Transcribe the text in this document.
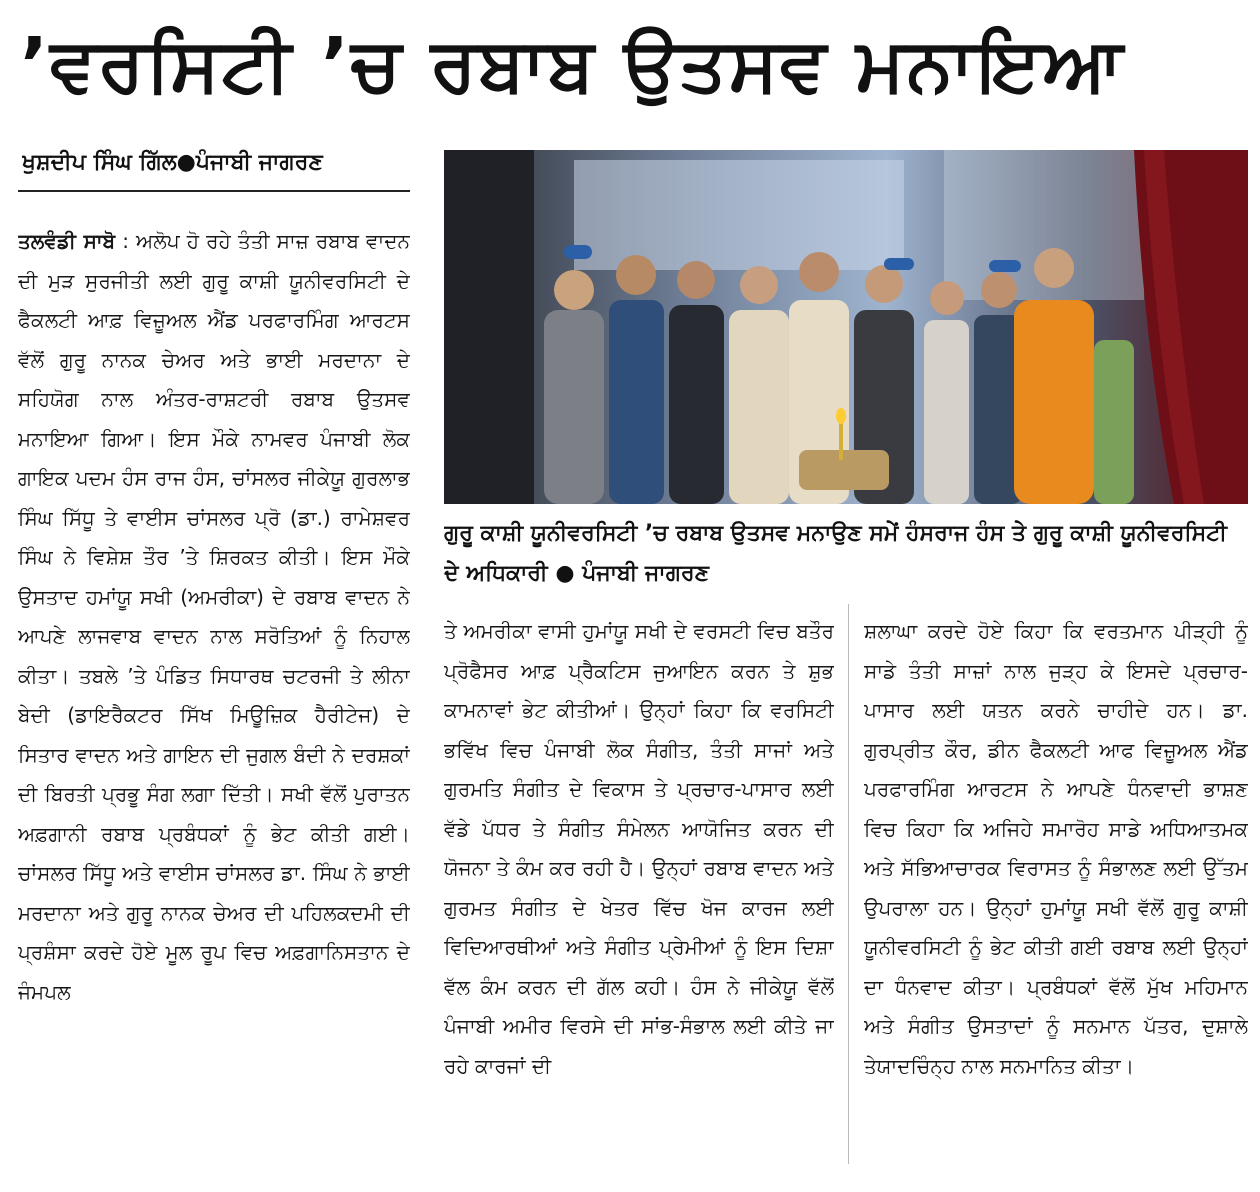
’ਵਰਸਿਟੀ ’ਚ ਰਬਾਬ ਉਤਸਵ ਮਨਾਇਆ
ਖੁਸ਼ਦੀਪ ਸਿੰਘ ਗਿੱਲ●ਪੰਜਾਬੀ ਜਾਗਰਣ
ਤਲਵੰਡੀ ਸਾਬੋ : ਅਲੋਪ ਹੋ ਰਹੇ ਤੰਤੀ ਸਾਜ਼ ਰਬਾਬ ਵਾਦਨ ਦੀ ਮੁੜ ਸੁਰਜੀਤੀ ਲਈ ਗੁਰੂ ਕਾਸ਼ੀ ਯੂਨੀਵਰਸਿਟੀ ਦੇ ਫੈਕਲਟੀ ਆਫ਼ ਵਿਜ਼ੂਅਲ ਐਂਡ ਪਰਫਾਰਮਿੰਗ ਆਰਟਸ ਵੱਲੋਂ ਗੁਰੂ ਨਾਨਕ ਚੇਅਰ ਅਤੇ ਭਾਈ ਮਰਦਾਨਾ ਦੇ ਸਹਿਯੋਗ ਨਾਲ ਅੰਤਰ-ਰਾਸ਼ਟਰੀ ਰਬਾਬ ਉਤਸਵ ਮਨਾਇਆ ਗਿਆ। ਇਸ ਮੌਕੇ ਨਾਮਵਰ ਪੰਜਾਬੀ ਲੋਕ ਗਾਇਕ ਪਦਮ ਹੰਸ ਰਾਜ ਹੰਸ, ਚਾਂਸਲਰ ਜੀਕੇਯੂ ਗੁਰਲਾਭ ਸਿੰਘ ਸਿੱਧੂ ਤੇ ਵਾਈਸ ਚਾਂਸਲਰ ਪ੍ਰੋ (ਡਾ.) ਰਾਮੇਸ਼ਵਰ ਸਿੰਘ ਨੇ ਵਿਸ਼ੇਸ਼ ਤੌਰ ’ਤੇ ਸ਼ਿਰਕਤ ਕੀਤੀ। ਇਸ ਮੌਕੇ ਉਸਤਾਦ ਹਮਾਂਯੂ ਸਖੀ (ਅਮਰੀਕਾ) ਦੇ ਰਬਾਬ ਵਾਦਨ ਨੇ ਆਪਣੇ ਲਾਜਵਾਬ ਵਾਦਨ ਨਾਲ ਸਰੋਤਿਆਂ ਨੂੰ ਨਿਹਾਲ ਕੀਤਾ। ਤਬਲੇ ’ਤੇ ਪੰਡਿਤ ਸਿਧਾਰਥ ਚਟਰਜੀ ਤੇ ਲੀਨਾ ਬੇਦੀ (ਡਾਇਰੈਕਟਰ ਸਿੱਖ ਮਿਊਜ਼ਿਕ ਹੈਰੀਟੇਜ) ਦੇ ਸਿਤਾਰ ਵਾਦਨ ਅਤੇ ਗਾਇਨ ਦੀ ਜੁਗਲ ਬੰਦੀ ਨੇ ਦਰਸ਼ਕਾਂ ਦੀ ਬਿਰਤੀ ਪ੍ਰਭੂ ਸੰਗ ਲਗਾ ਦਿੱਤੀ। ਸਖੀ ਵੱਲੋਂ ਪੁਰਾਤਨ ਅਫ਼ਗਾਨੀ ਰਬਾਬ ਪ੍ਰਬੰਧਕਾਂ ਨੂੰ ਭੇਟ ਕੀਤੀ ਗਈ। ਚਾਂਸਲਰ ਸਿੱਧੂ ਅਤੇ ਵਾਈਸ ਚਾਂਸਲਰ ਡਾ. ਸਿੰਘ ਨੇ ਭਾਈ ਮਰਦਾਨਾ ਅਤੇ ਗੁਰੂ ਨਾਨਕ ਚੇਅਰ ਦੀ ਪਹਿਲਕਦਮੀ ਦੀ ਪ੍ਰਸ਼ੰਸਾ ਕਰਦੇ ਹੋਏ ਮੂਲ ਰੂਪ ਵਿਚ ਅਫ਼ਗਾਨਿਸਤਾਨ ਦੇ ਜੰਮਪਲ
ਗੁਰੂ ਕਾਸ਼ੀ ਯੂਨੀਵਰਸਿਟੀ ’ਚ ਰਬਾਬ ਉਤਸਵ ਮਨਾਉਣ ਸਮੇਂ ਹੰਸਰਾਜ ਹੰਸ ਤੇ ਗੁਰੂ ਕਾਸ਼ੀ ਯੂਨੀਵਰਸਿਟੀ ਦੇ ਅਧਿਕਾਰੀ ● ਪੰਜਾਬੀ ਜਾਗਰਣ
ਤੇ ਅਮਰੀਕਾ ਵਾਸੀ ਹੁਮਾਂਯੂ ਸਖੀ ਦੇ ਵਰਸਟੀ ਵਿਚ ਬਤੌਰ ਪ੍ਰੋਫੈਸਰ ਆਫ਼ ਪ੍ਰੈਕਟਿਸ ਜੁਆਇਨ ਕਰਨ ਤੇ ਸ਼ੁਭ ਕਾਮਨਾਵਾਂ ਭੇਟ ਕੀਤੀਆਂ। ਉਨ੍ਹਾਂ ਕਿਹਾ ਕਿ ਵਰਸਿਟੀ ਭਵਿੱਖ ਵਿਚ ਪੰਜਾਬੀ ਲੋਕ ਸੰਗੀਤ, ਤੰਤੀ ਸਾਜਾਂ ਅਤੇ ਗੁਰਮਤਿ ਸੰਗੀਤ ਦੇ ਵਿਕਾਸ ਤੇ ਪ੍ਰਚਾਰ-ਪਾਸਾਰ ਲਈ ਵੱਡੇ ਪੱਧਰ ਤੇ ਸੰਗੀਤ ਸੰਮੇਲਨ ਆਯੋਜਿਤ ਕਰਨ ਦੀ ਯੋਜਨਾ ਤੇ ਕੰਮ ਕਰ ਰਹੀ ਹੈ। ਉਨ੍ਹਾਂ ਰਬਾਬ ਵਾਦਨ ਅਤੇ ਗੁਰਮਤ ਸੰਗੀਤ ਦੇ ਖੇਤਰ ਵਿੱਚ ਖੋਜ ਕਾਰਜ ਲਈ ਵਿਦਿਆਰਥੀਆਂ ਅਤੇ ਸੰਗੀਤ ਪ੍ਰੇਮੀਆਂ ਨੂੰ ਇਸ ਦਿਸ਼ਾ ਵੱਲ ਕੰਮ ਕਰਨ ਦੀ ਗੱਲ ਕਹੀ। ਹੰਸ ਨੇ ਜੀਕੇਯੂ ਵੱਲੋਂ ਪੰਜਾਬੀ ਅਮੀਰ ਵਿਰਸੇ ਦੀ ਸਾਂਭ-ਸੰਭਾਲ ਲਈ ਕੀਤੇ ਜਾ ਰਹੇ ਕਾਰਜਾਂ ਦੀ
ਸ਼ਲਾਘਾ ਕਰਦੇ ਹੋਏ ਕਿਹਾ ਕਿ ਵਰਤਮਾਨ ਪੀੜ੍ਹੀ ਨੂੰ ਸਾਡੇ ਤੰਤੀ ਸਾਜ਼ਾਂ ਨਾਲ ਜੁੜ੍ਹ ਕੇ ਇਸਦੇ ਪ੍ਰਚਾਰ-ਪਾਸਾਰ ਲਈ ਯਤਨ ਕਰਨੇ ਚਾਹੀਦੇ ਹਨ। ਡਾ. ਗੁਰਪ੍ਰੀਤ ਕੌਰ, ਡੀਨ ਫੈਕਲਟੀ ਆਫ ਵਿਜ਼ੂਅਲ ਐਂਡ ਪਰਫਾਰਮਿੰਗ ਆਰਟਸ ਨੇ ਆਪਣੇ ਧੰਨਵਾਦੀ ਭਾਸ਼ਣ ਵਿਚ ਕਿਹਾ ਕਿ ਅਜਿਹੇ ਸਮਾਰੋਹ ਸਾਡੇ ਅਧਿਆਤਮਕ ਅਤੇ ਸੱਭਿਆਚਾਰਕ ਵਿਰਾਸਤ ਨੂੰ ਸੰਭਾਲਣ ਲਈ ਉੱਤਮ ਉਪਰਾਲਾ ਹਨ। ਉਨ੍ਹਾਂ ਹੁਮਾਂਯੂ ਸਖੀ ਵੱਲੋਂ ਗੁਰੂ ਕਾਸ਼ੀ ਯੂਨੀਵਰਸਿਟੀ ਨੂੰ ਭੇਟ ਕੀਤੀ ਗਈ ਰਬਾਬ ਲਈ ਉਨ੍ਹਾਂ ਦਾ ਧੰਨਵਾਦ ਕੀਤਾ। ਪ੍ਰਬੰਧਕਾਂ ਵੱਲੋਂ ਮੁੱਖ ਮਹਿਮਾਨ ਅਤੇ ਸੰਗੀਤ ਉਸਤਾਦਾਂ ਨੂੰ ਸਨਮਾਨ ਪੱਤਰ, ਦੁਸ਼ਾਲੇ ਤੇਯਾਦਚਿੰਨ੍ਹ ਨਾਲ ਸਨਮਾਨਿਤ ਕੀਤਾ।
